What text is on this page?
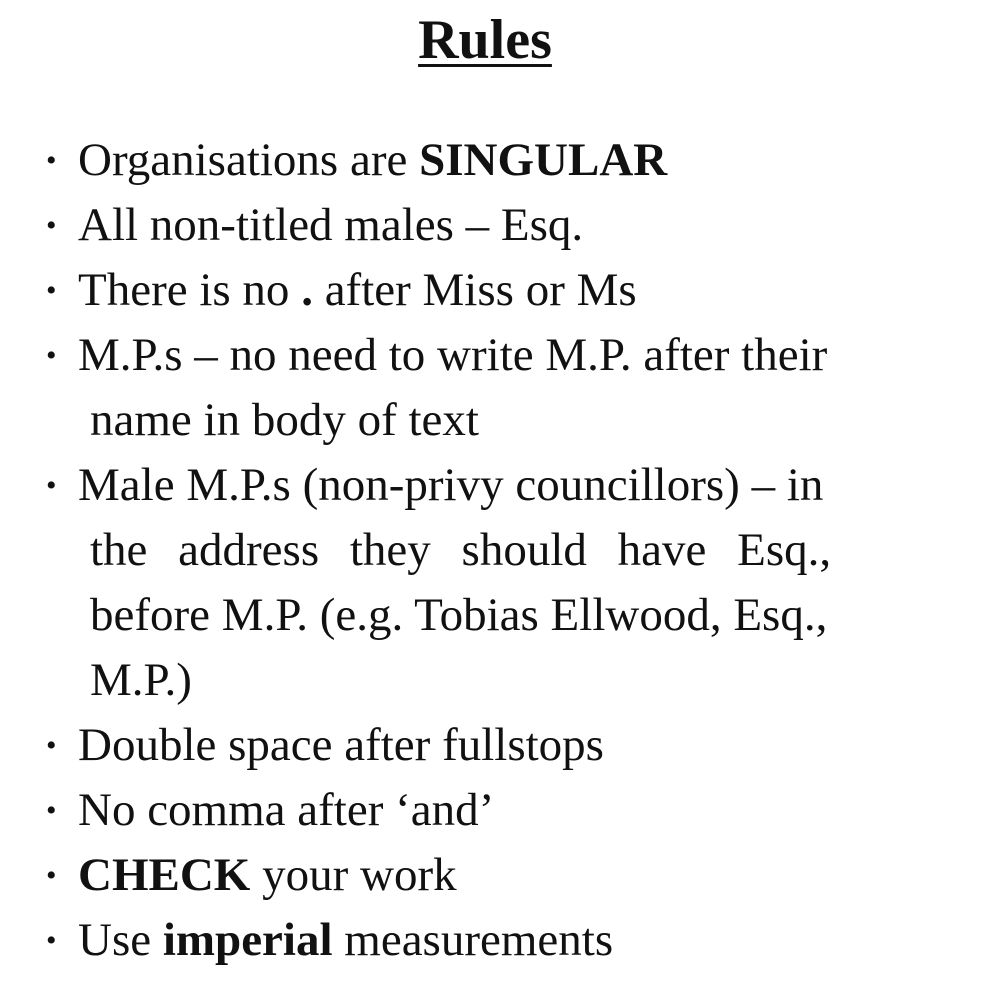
Rules
• Organisations are SINGULAR
• All non-titled males – Esq.
• There is no . after Miss or Ms
• M.P.s – no need to write M.P. after their
name in body of text
• Male M.P.s (non-privy councillors) – in
the address they should have Esq.,
before M.P. (e.g. Tobias Ellwood, Esq.,
M.P.)
• Double space after fullstops
• No comma after ‘and’
• CHECK your work
• Use imperial measurements
